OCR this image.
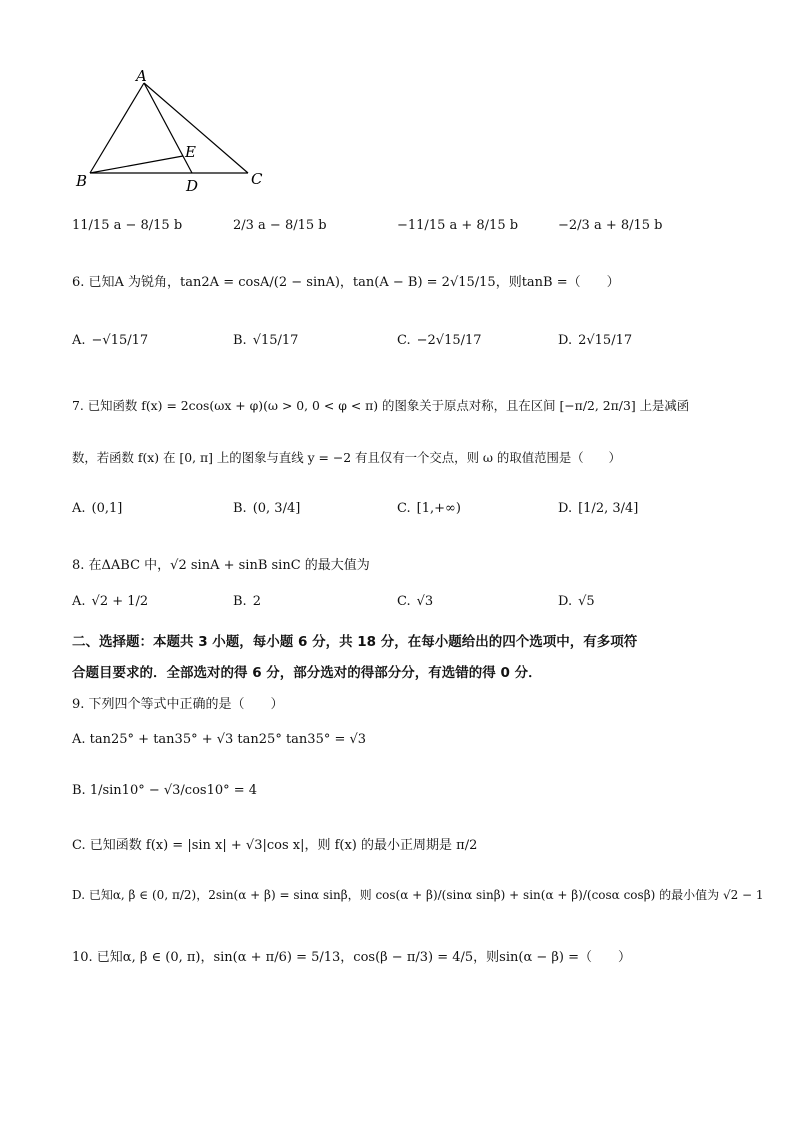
A
B	C
D
E
11/15 a − 8/15 b	2/3 a − 8/15 b	−11/15 a + 8/15 b	−2/3 a + 8/15 b
6. 已知A 为锐角，tan2A = cosA/(2 − sinA)，tan(A − B) = 2√15/15，则tanB =（　　）
A. −√15/17	B. √15/17	C. −2√15/17	D. 2√15/17
7. 已知函数 f(x) = 2cos(ωx + φ)(ω > 0, 0 < φ < π) 的图象关于原点对称，且在区间 [−π/2, 2π/3] 上是减函
数，若函数 f(x) 在 [0, π] 上的图象与直线 y = −2 有且仅有一个交点，则 ω 的取值范围是（　　）
A. (0,1]	B. (0, 3/4]	C. [1,+∞)	D. [1/2, 3/4]
8. 在ΔABC 中，√2 sinA + sinB sinC 的最大值为
A. √2 + 1/2	B. 2	C. √3	D. √5
二、选择题：本题共 3 小题，每小题 6 分，共 18 分，在每小题给出的四个选项中，有多项符
合题目要求的．全部选对的得 6 分，部分选对的得部分分，有选错的得 0 分．
9. 下列四个等式中正确的是（　　）
A. tan25° + tan35° + √3 tan25° tan35° = √3
B. 1/sin10° − √3/cos10° = 4
C. 已知函数 f(x) = |sin x| + √3|cos x|，则 f(x) 的最小正周期是 π/2
D. 已知α, β ∈ (0, π/2)，2sin(α + β) = sinα sinβ，则 cos(α + β)/(sinα sinβ) + sin(α + β)/(cosα cosβ) 的最小值为 √2 − 1
10. 已知α, β ∈ (0, π)，sin(α + π/6) = 5/13，cos(β − π/3) = 4/5，则sin(α − β) =（　　）
